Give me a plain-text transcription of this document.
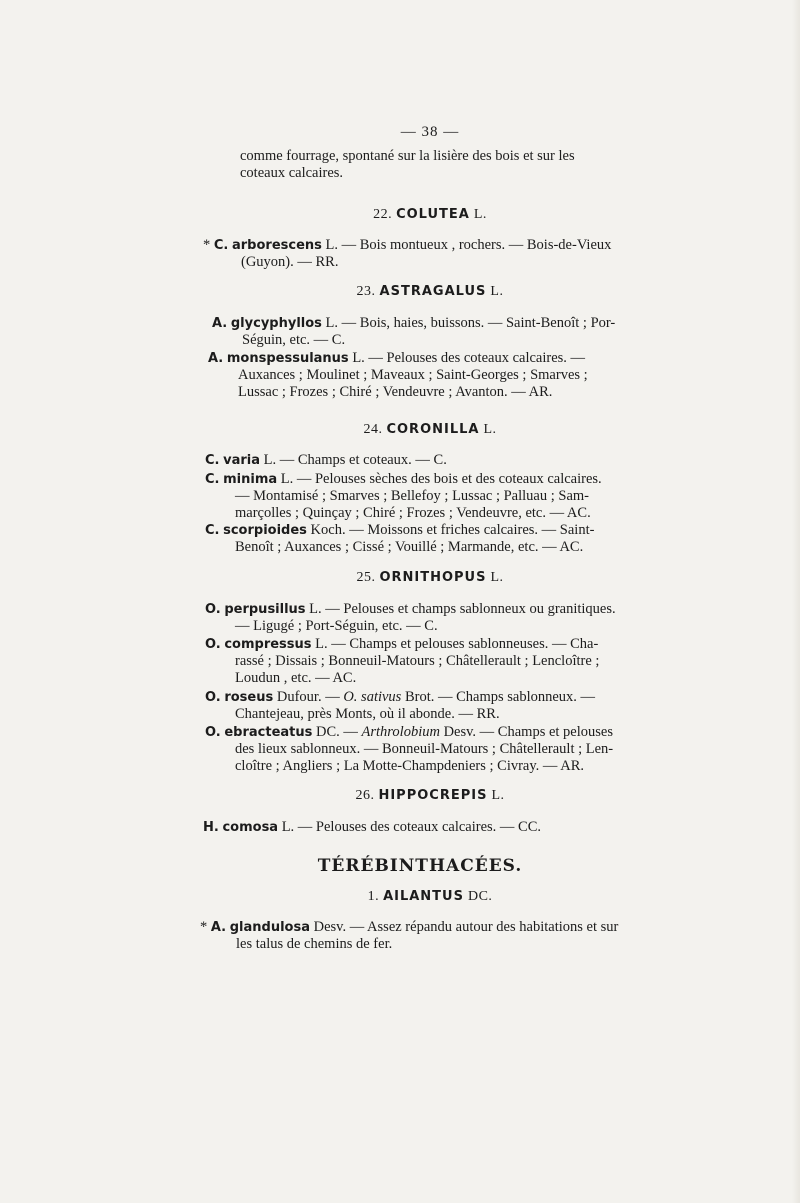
— 38 —
comme fourrage, spontané sur la lisière des bois et sur les
coteaux calcaires.
22. COLUTEA L.
* C. arborescens L. — Bois montueux , rochers. — Bois-de-Vieux
(Guyon). — RR.
23. ASTRAGALUS L.
A. glycyphyllos L. — Bois, haies, buissons. — Saint-Benoît ; Por-
Séguin, etc. — C.
A. monspessulanus L. — Pelouses des coteaux calcaires. —
Auxances ; Moulinet ; Maveaux ; Saint-Georges ; Smarves ;
Lussac ; Frozes ; Chiré ; Vendeuvre ; Avanton. — AR.
24. CORONILLA L.
C. varia L. — Champs et coteaux. — C.
C. minima L. — Pelouses sèches des bois et des coteaux calcaires.
— Montamisé ; Smarves ; Bellefoy ; Lussac ; Palluau ; Sam-
marçolles ; Quinçay ; Chiré ; Frozes ; Vendeuvre, etc. — AC.
C. scorpioides Koch. — Moissons et friches calcaires. — Saint-
Benoît ; Auxances ; Cissé ; Vouillé ; Marmande, etc. — AC.
25. ORNITHOPUS L.
O. perpusillus L. — Pelouses et champs sablonneux ou granitiques.
— Ligugé ; Port-Séguin, etc. — C.
O. compressus L. — Champs et pelouses sablonneuses. — Cha-
rassé ; Dissais ; Bonneuil-Matours ; Châtellerault ; Lencloître ;
Loudun , etc. — AC.
O. roseus Dufour. — O. sativus Brot. — Champs sablonneux. —
Chantejeau, près Monts, où il abonde. — RR.
O. ebracteatus DC. — Arthrolobium Desv. — Champs et pelouses
des lieux sablonneux. — Bonneuil-Matours ; Châtellerault ; Len-
cloître ; Angliers ; La Motte-Champdeniers ; Civray. — AR.
26. HIPPOCREPIS L.
H. comosa L. — Pelouses des coteaux calcaires. — CC.
TÉRÉBINTHACÉES.
1. AILANTUS DC.
* A. glandulosa Desv. — Assez répandu autour des habitations et sur
les talus de chemins de fer.
